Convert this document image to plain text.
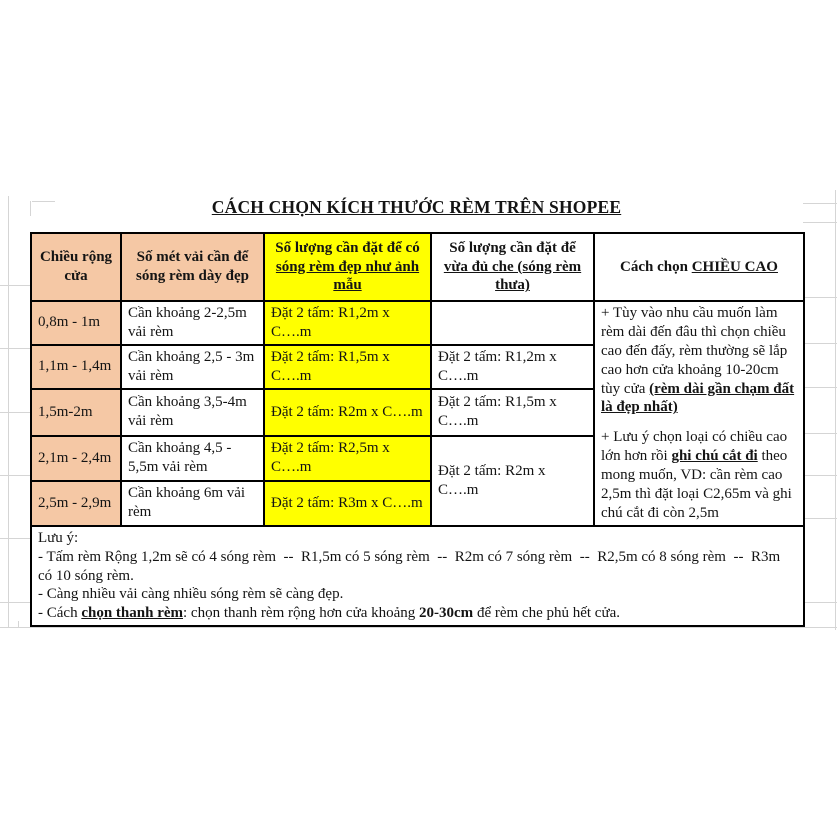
CÁCH CHỌN KÍCH THƯỚC RÈM TRÊN SHOPEE
Chiều rộng cửa	Số mét vải cần để sóng rèm dày đẹp	Số lượng cần đặt để có sóng rèm đẹp như ảnh mẫu	Số lượng cần đặt để vừa đủ che (sóng rèm thưa)	Cách chọn CHIỀU CAO
0,8m - 1m	Cần khoảng 2-2,5m vải rèm	Đặt 2 tấm: R1,2m x C….m		+ Tùy vào nhu cầu muốn làm rèm dài đến đâu thì chọn chiều cao đến đấy, rèm thường sẽ lắp cao hơn cửa khoảng 10-20cm tùy cửa (rèm dài gần chạm đất là đẹp nhất)

+ Lưu ý chọn loại có chiều cao lớn hơn rồi ghi chú cắt đi theo mong muốn, VD: cần rèm cao 2,5m thì đặt loại C2,65m và ghi chú cắt đi còn 2,5m

1,1m - 1,4m	Cần khoảng 2,5 - 3m vải rèm	Đặt 2 tấm: R1,5m x C….m	Đặt 2 tấm: R1,2m x C….m	
1,5m-2m	Cần khoảng 3,5-4m vải rèm	Đặt 2 tấm: R2m x C….m	Đặt 2 tấm: R1,5m x C….m	
2,1m - 2,4m	Cần khoảng 4,5 - 5,5m vải rèm	Đặt 2 tấm: R2,5m x C….m	Đặt 2 tấm: R2m x C….m	
2,5m - 2,9m	Cần khoảng 6m vải rèm	Đặt 2 tấm: R3m x C….m		

Lưu ý:
- Tấm rèm Rộng 1,2m sẽ có 4 sóng rèm  --  R1,5m có 5 sóng rèm  --  R2m có 7 sóng rèm  --  R2,5m có 8 sóng rèm  --  R3m có 10 sóng rèm.
- Càng nhiều vải càng nhiều sóng rèm sẽ càng đẹp.
- Cách chọn thanh rèm: chọn thanh rèm rộng hơn cửa khoảng 20-30cm để rèm che phủ hết cửa.				
